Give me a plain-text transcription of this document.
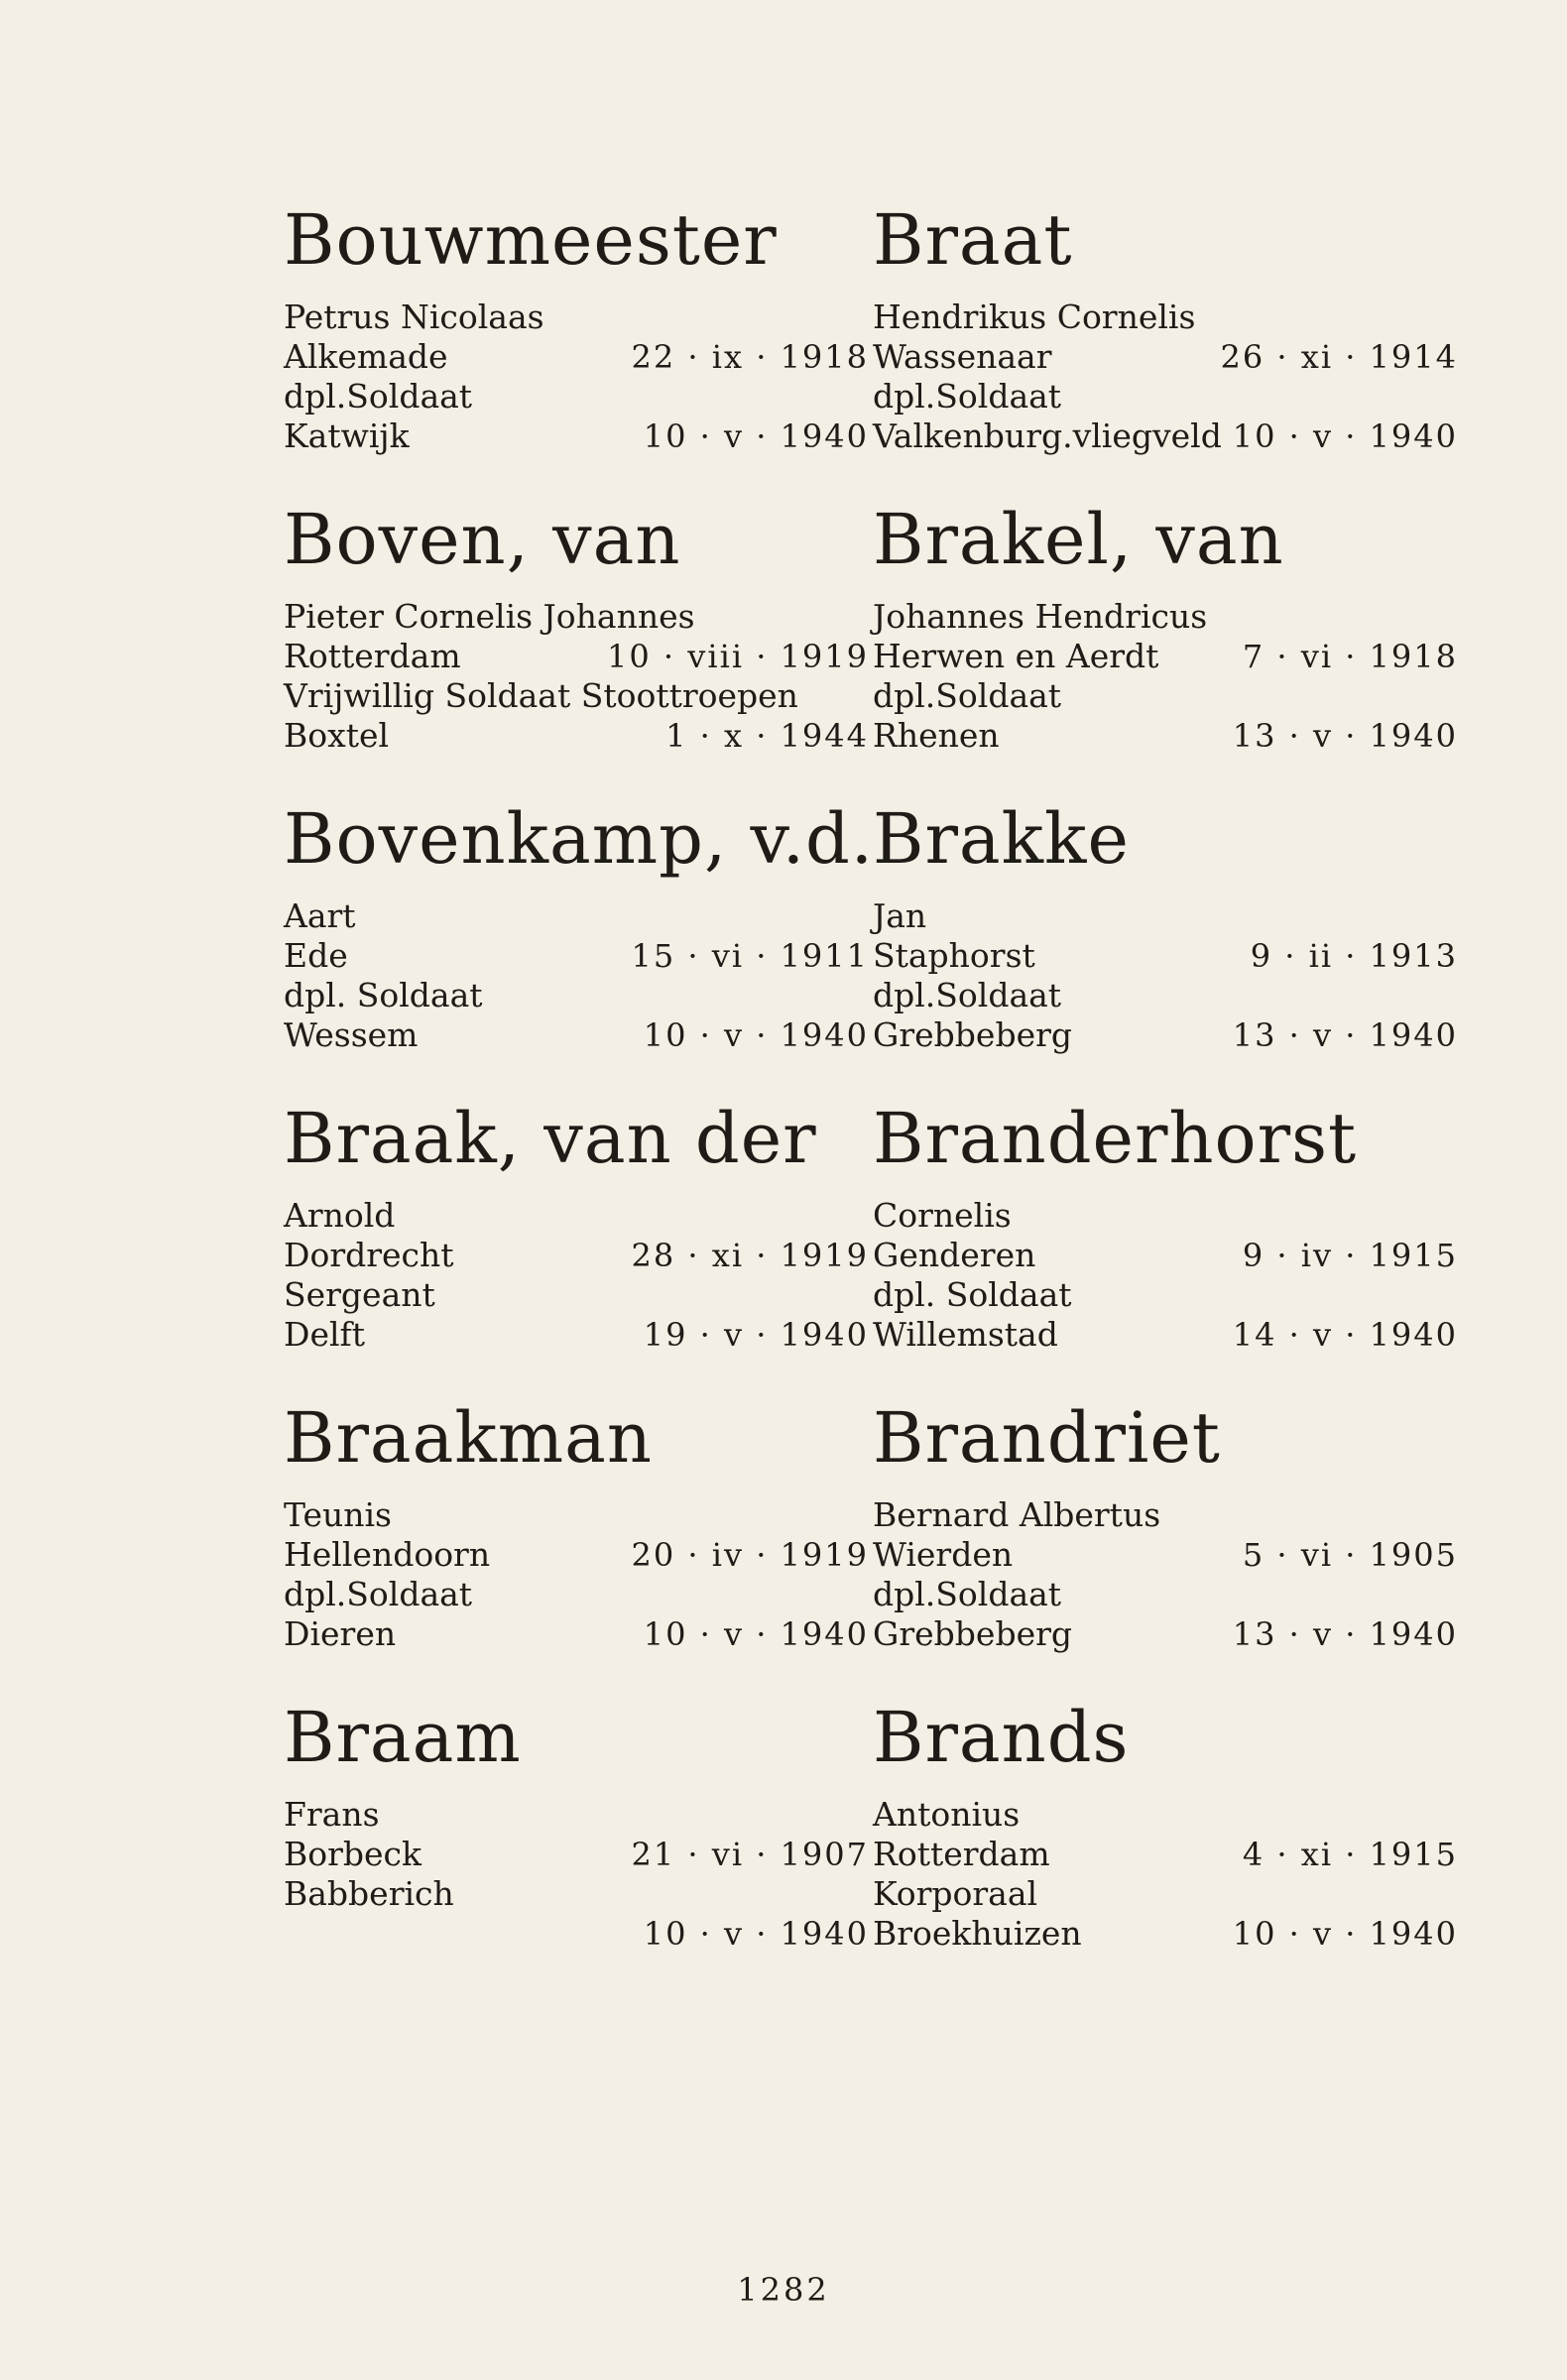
Bouwmeester
Petrus Nicolaas
Alkemade	22 · ix · 1918
dpl.Soldaat
Katwijk	10 · v · 1940
Boven, van
Pieter Cornelis Johannes
Rotterdam	10 · viii · 1919
Vrijwillig Soldaat Stoottroepen
Boxtel	1 · x · 1944
Bovenkamp, v.d.
Aart
Ede	15 · vi · 1911
dpl. Soldaat
Wessem	10 · v · 1940
Braak, van der
Arnold
Dordrecht	28 · xi · 1919
Sergeant
Delft	19 · v · 1940
Braakman
Teunis
Hellendoorn	20 · iv · 1919
dpl.Soldaat
Dieren	10 · v · 1940
Braam
Frans
Borbeck	21 · vi · 1907
Babberich
10 · v · 1940
Braat
Hendrikus Cornelis
Wassenaar	26 · xi · 1914
dpl.Soldaat
Valkenburg.vliegveld 10 · v · 1940
Brakel, van
Johannes Hendricus
Herwen en Aerdt	7 · vi · 1918
dpl.Soldaat
Rhenen	13 · v · 1940
Brakke
Jan
Staphorst	9 · ii · 1913
dpl.Soldaat
Grebbeberg	13 · v · 1940
Branderhorst
Cornelis
Genderen	9 · iv · 1915
dpl. Soldaat
Willemstad	14 · v · 1940
Brandriet
Bernard Albertus
Wierden	5 · vi · 1905
dpl.Soldaat
Grebbeberg	13 · v · 1940
Brands
Antonius
Rotterdam	4 · xi · 1915
Korporaal
Broekhuizen	10 · v · 1940
1282
